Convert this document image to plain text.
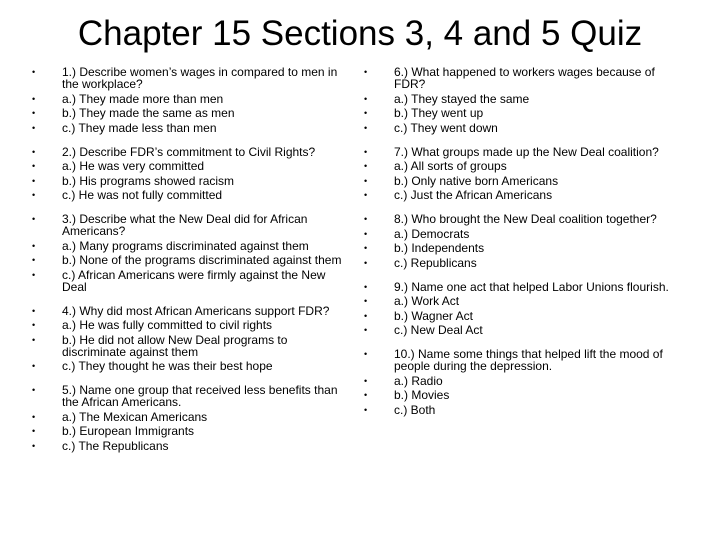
Chapter 15 Sections 3, 4 and 5 Quiz
• 1.) Describe women’s wages in compared to men in the workplace?
• a.) They made more than men
• b.) They made the same as men
• c.) They made less than men
• 2.) Describe FDR’s commitment to Civil Rights?
• a.) He was very committed
• b.) His programs showed racism
• c.) He was not fully committed
• 3.) Describe what the New Deal did for African Americans?
• a.) Many programs discriminated against them
• b.) None of the programs discriminated against them
• c.) African Americans were firmly against the New Deal
• 4.) Why did most African Americans support FDR?
• a.) He was fully committed to civil rights
• b.) He did not allow New Deal programs to discriminate against them
• c.) They thought he was their best hope
• 5.) Name one group that received less benefits than the African Americans.
• a.) The Mexican Americans
• b.) European Immigrants
• c.) The Republicans
• 6.) What happened to workers wages because of FDR?
• a.) They stayed the same
• b.) They went up
• c.) They went down
• 7.) What groups made up the New Deal coalition?
• a.) All sorts of groups
• b.) Only native born Americans
• c.) Just the African Americans
• 8.) Who brought the New Deal coalition together?
• a.) Democrats
• b.) Independents
• c.) Republicans
• 9.) Name one act that helped Labor Unions flourish.
• a.) Work Act
• b.) Wagner Act
• c.) New Deal Act
• 10.) Name some things that helped lift the mood of people during the depression.
• a.) Radio
• b.) Movies
• c.) Both
